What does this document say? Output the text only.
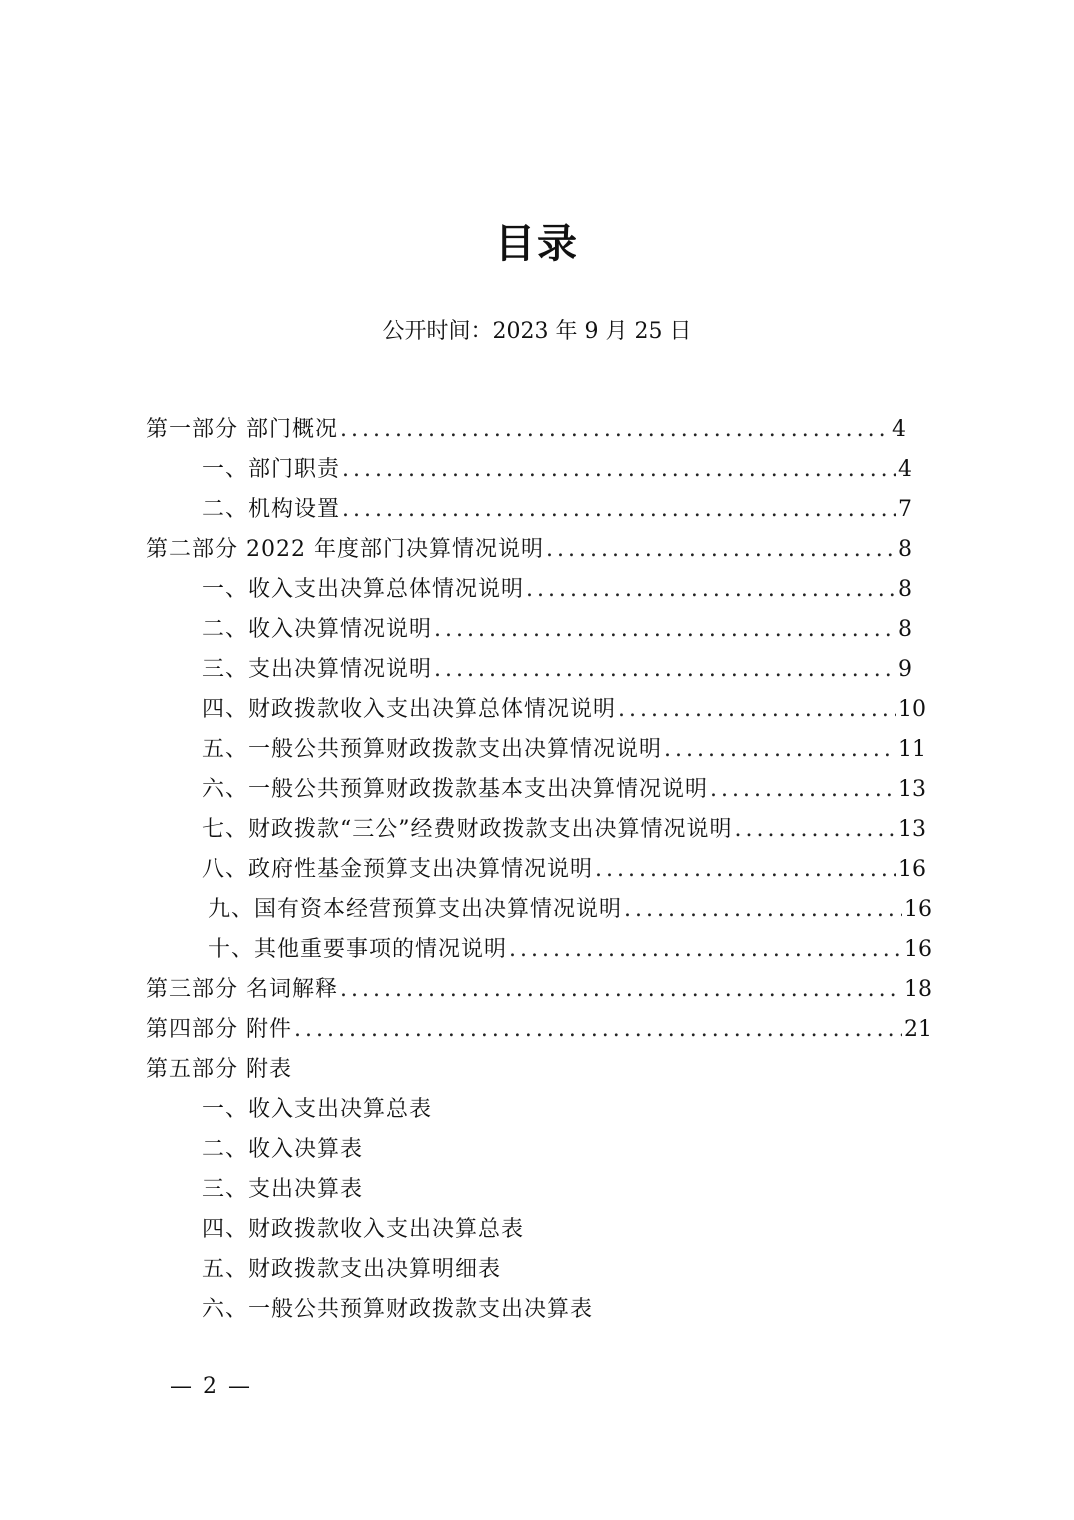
目录
公开时间：2023 年 9 月 25 日
第一部分 部门概况 .....	4
一、部门职责 .....	4
二、机构设置 .....	7
第二部分 2022 年度部门决算情况说明 .....	8
一、收入支出决算总体情况说明 .....	8
二、收入决算情况说明 .....	8
三、支出决算情况说明 .....	9
四、财政拨款收入支出决算总体情况说明 .....	10
五、一般公共预算财政拨款支出决算情况说明 .....	11
六、一般公共预算财政拨款基本支出决算情况说明 .....	13
七、财政拨款“三公”经费财政拨款支出决算情况说明 .....	13
八、政府性基金预算支出决算情况说明 .....	16
九、国有资本经营预算支出决算情况说明 .....	16
十、其他重要事项的情况说明 .....	16
第三部分 名词解释 .....	18
第四部分 附件 .....	21
第五部分 附表
一、收入支出决算总表
二、收入决算表
三、支出决算表
四、财政拨款收入支出决算总表
五、财政拨款支出决算明细表
六、一般公共预算财政拨款支出决算表
— 2 —
